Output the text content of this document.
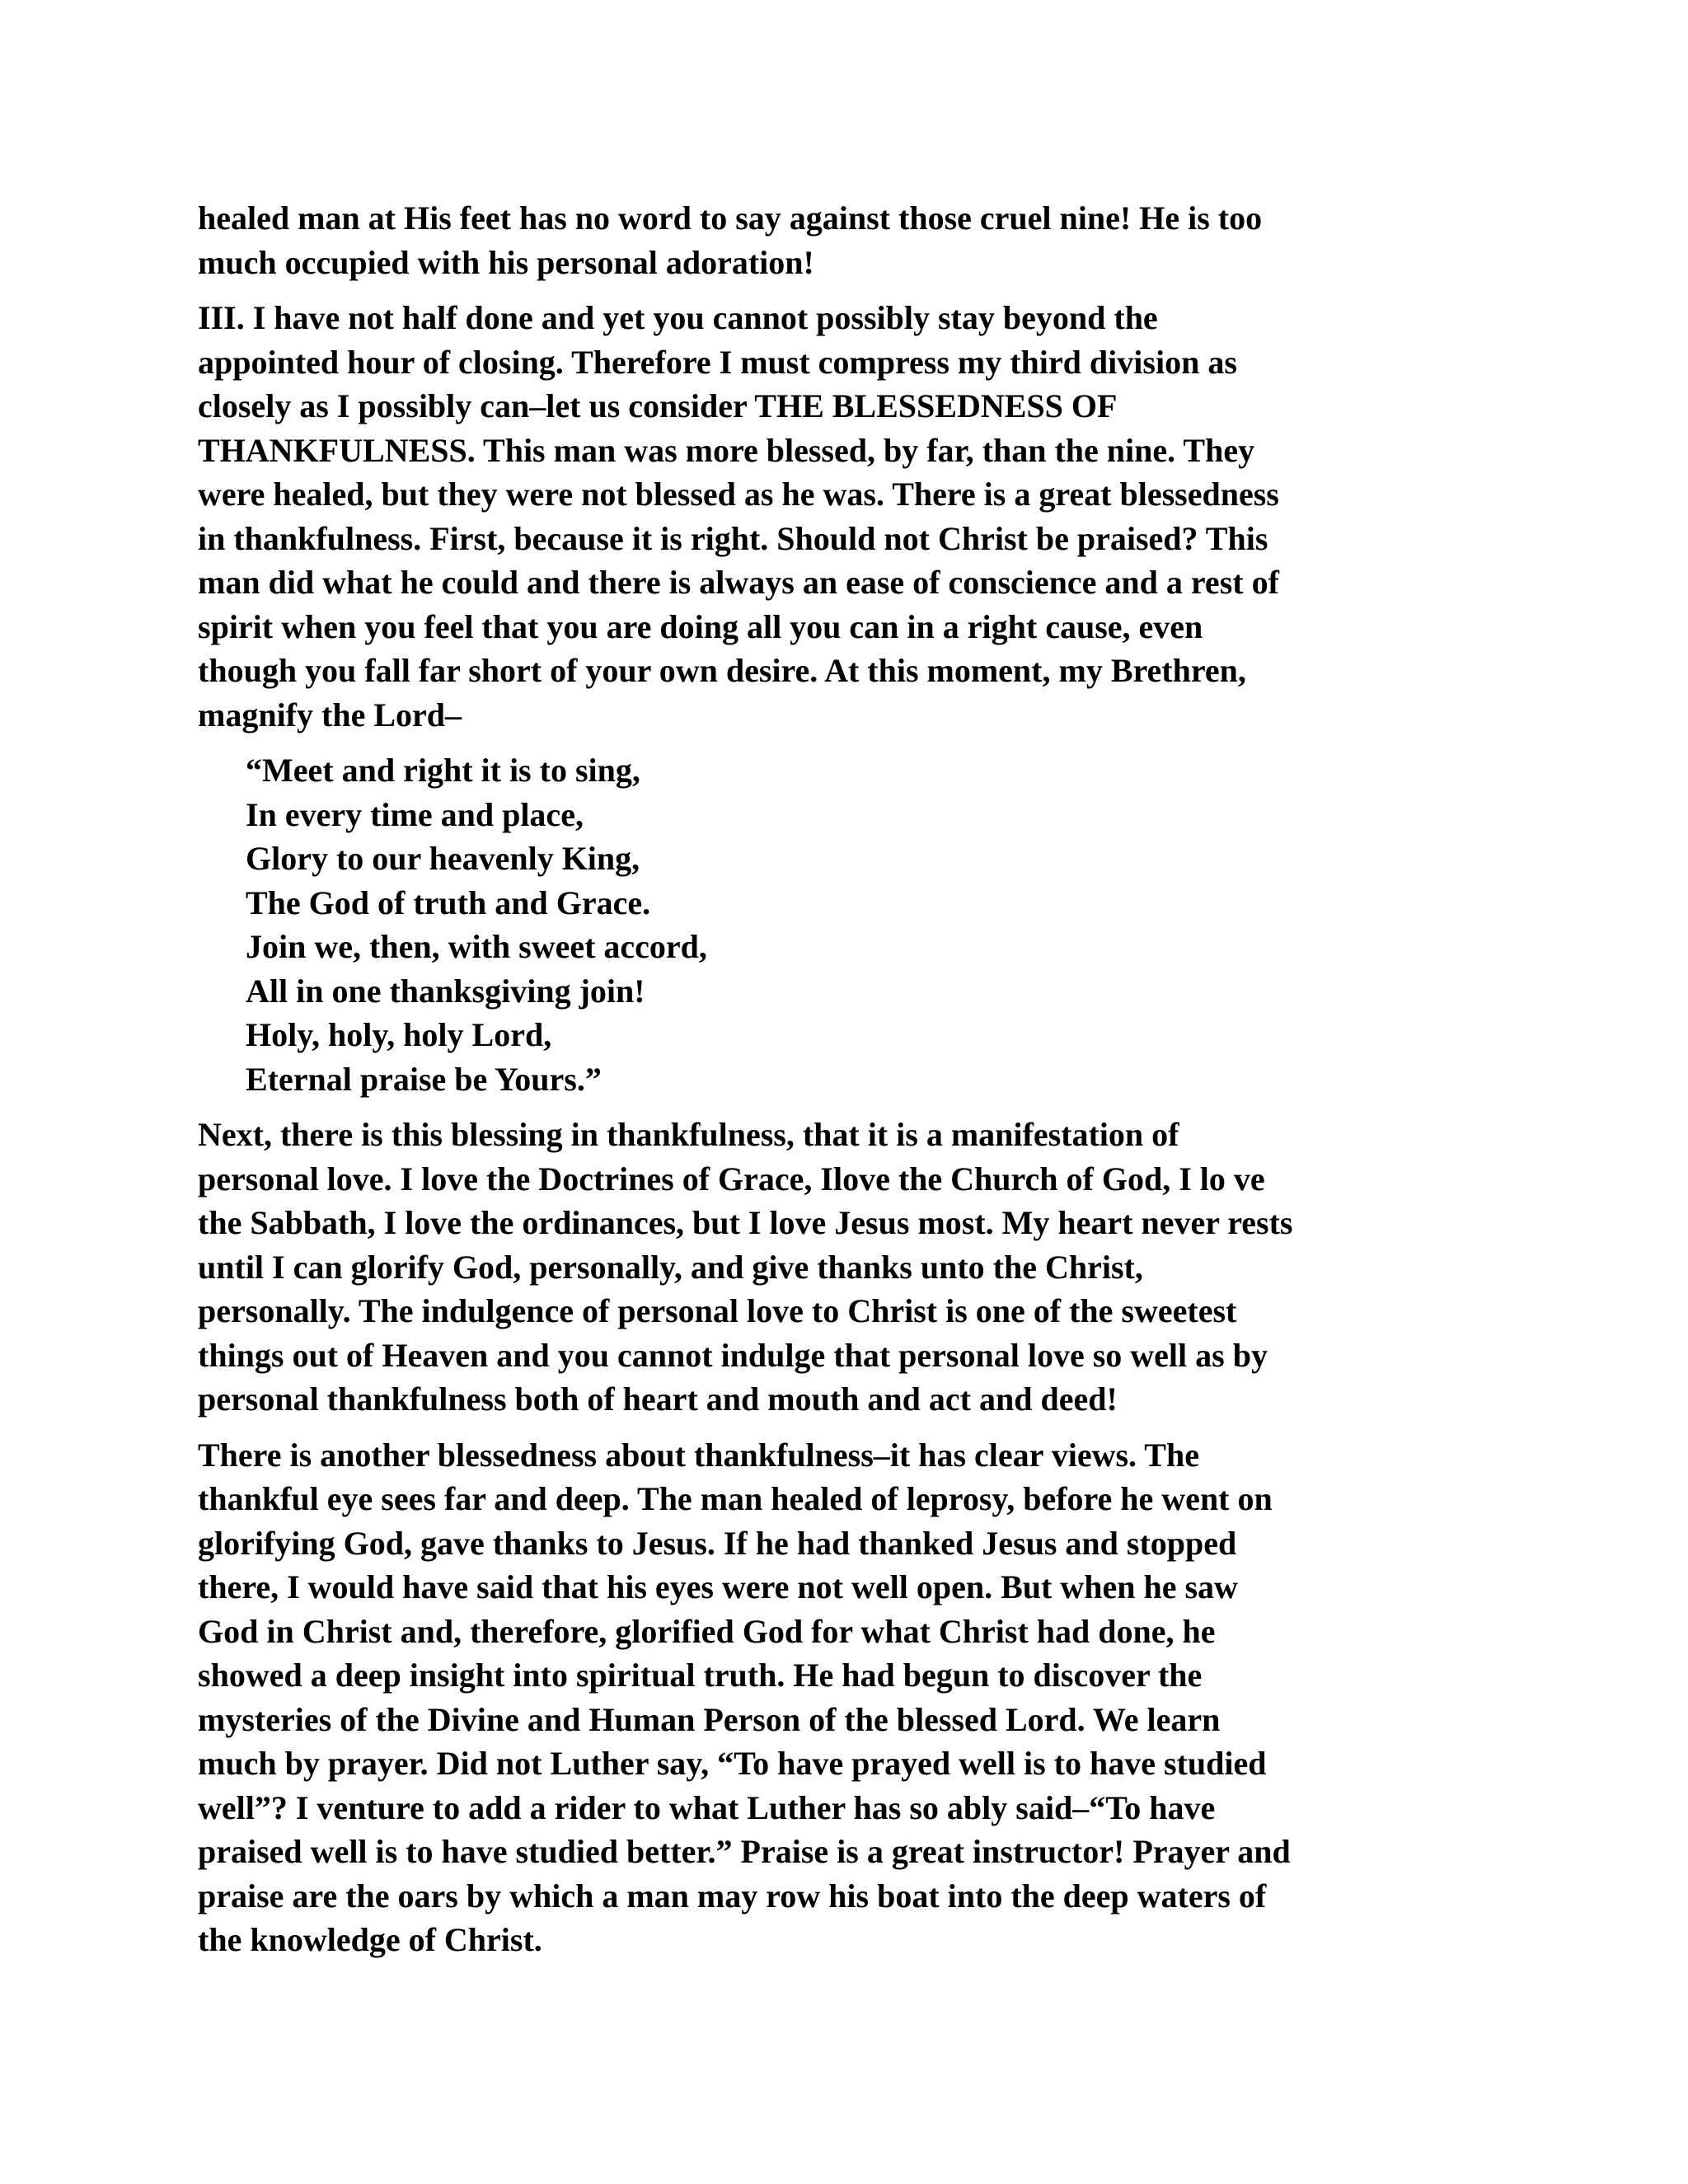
healed man at His feet has no word to say against those cruel nine! He is too
much occupied with his personal adoration!

III. I have not half done and yet you cannot possibly stay beyond the
appointed hour of closing. Therefore I must compress my third division as
closely as I possibly can–let us consider THE BLESSEDNESS OF
THANKFULNESS. This man was more blessed, by far, than the nine. They
were healed, but they were not blessed as he was. There is a great blessedness
in thankfulness. First, because it is right. Should not Christ be praised? This
man did what he could and there is always an ease of conscience and a rest of
spirit when you feel that you are doing all you can in a right cause, even
though you fall far short of your own desire. At this moment, my Brethren,
magnify the Lord–

“Meet and right it is to sing,
In every time and place,
Glory to our heavenly King,
The God of truth and Grace.
Join we, then, with sweet accord,
All in one thanksgiving join!
Holy, holy, holy Lord,
Eternal praise be Yours.”

Next, there is this blessing in thankfulness, that it is a manifestation of
personal love. I love the Doctrines of Grace, Ilove the Church of God, I lo ve
the Sabbath, I love the ordinances, but I love Jesus most. My heart never rests
until I can glorify God, personally, and give thanks unto the Christ,
personally. The indulgence of personal love to Christ is one of the sweetest
things out of Heaven and you cannot indulge that personal love so well as by
personal thankfulness both of heart and mouth and act and deed!

There is another blessedness about thankfulness–it has clear views. The
thankful eye sees far and deep. The man healed of leprosy, before he went on
glorifying God, gave thanks to Jesus. If he had thanked Jesus and stopped
there, I would have said that his eyes were not well open. But when he saw
God in Christ and, therefore, glorified God for what Christ had done, he
showed a deep insight into spiritual truth. He had begun to discover the
mysteries of the Divine and Human Person of the blessed Lord. We learn
much by prayer. Did not Luther say, “To have prayed well is to have studied
well”? I venture to add a rider to what Luther has so ably said–“To have
praised well is to have studied better.” Praise is a great instructor! Prayer and
praise are the oars by which a man may row his boat into the deep waters of
the knowledge of Christ.
